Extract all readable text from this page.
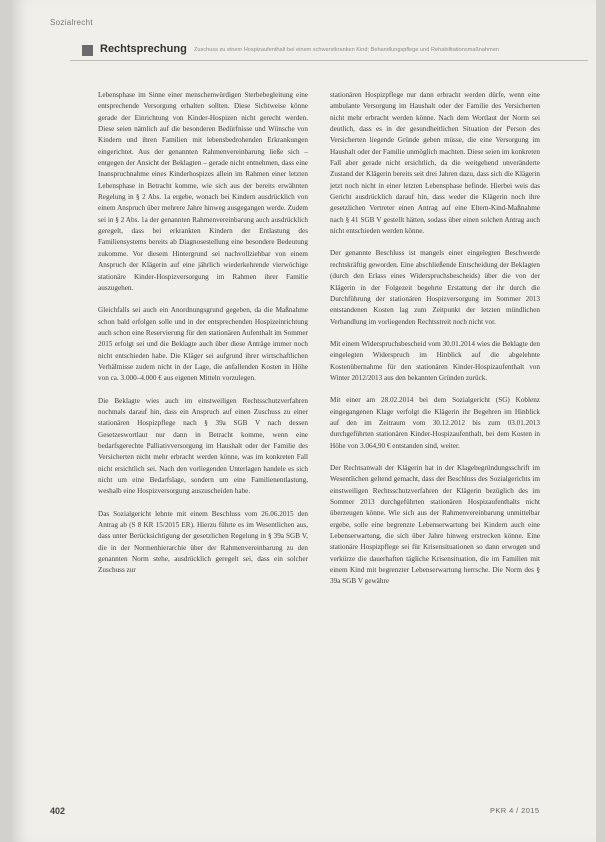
Sozialrecht
Rechtsprechung Zuschuss zu einem Hospizaufenthalt bei einem schwerstkranken Kind; Behandlungspflege und Rehabilitationsmaßnahmen

Lebensphase im Sinne einer menschenwürdigen Sterbebegleitung eine entsprechende Versorgung erhalten sollten. Diese Sichtweise könne gerade der Einrichtung von Kinder-Hospizen nicht gerecht werden. Diese seien nämlich auf die besonderen Bedürfnisse und Wünsche von Kindern und ihren Familien mit lebensbedrohenden Erkrankungen eingerichtet. Aus der genannten Rahmenvereinbarung ließe sich – entgegen der Ansicht der Beklagten – gerade nicht entnehmen, dass eine Inanspruchnahme eines Kinderhospizes allein im Rahmen einer letzten Lebensphase in Betracht komme, wie sich aus der bereits erwähnten Regelung in § 2 Abs. 1a ergebe, wonach bei Kindern ausdrücklich von einem Anspruch über mehrere Jahre hinweg ausgegangen werde. Zudem sei in § 2 Abs. 1a der genannten Rahmenvereinbarung auch ausdrücklich geregelt, dass bei erkrankten Kindern der Entlastung des Familiensystems bereits ab Diagnosestellung eine besondere Bedeutung zukomme. Vor diesem Hintergrund sei nachvollziehbar von einem Anspruch der Klägerin auf eine jährlich wiederkehrende vierwöchige stationäre Kinder-Hospizversorgung im Rahmen ihrer Familie auszugehen.

Gleichfalls sei auch ein Anordnungsgrund gegeben, da die Maßnahme schon bald erfolgen solle und in der entsprechenden Hospizeinrichtung auch schon eine Reservierung für den stationären Aufenthalt im Sommer 2015 erfolgt sei und die Beklagte auch über diese Anträge immer noch nicht entschieden habe. Die Kläger sei aufgrund ihrer wirtschaftlichen Verhältnisse zudem nicht in der Lage, die anfallenden Kosten in Höhe von ca. 3.000–4.000 € aus eigenen Mitteln vorzulegen.

Die Beklagte wies auch im einstweiligen Rechtsschutzverfahren nochmals darauf hin, dass ein Anspruch auf einen Zuschuss zu einer stationären Hospizpflege nach § 39a SGB V nach dessen Gesetzeswortlaut nur dann in Betracht komme, wenn eine bedarfsgerechte Palliativversorgung im Haushalt oder der Familie des Versicherten nicht mehr erbracht werden könne, was im konkreten Fall nicht ersichtlich sei. Nach den vorliegenden Unterlagen handele es sich nicht um eine Bedarfslage, sondern um eine Familienentlastung, weshalb eine Hospizversorgung auszuscheiden habe.

Das Sozialgericht lehnte mit einem Beschluss vom 26.06.2015 den Antrag ab (S 8 KR 15/2015 ER). Hierzu führte es im Wesentlichen aus, dass unter Berücksichtigung der gesetzlichen Regelung in § 39a SGB V, die in der Normenhierarchie über der Rahmenvereinbarung zu den genannten Norm stehe, ausdrücklich geregelt sei, dass ein solcher Zuschuss zur

stationären Hospizpflege nur dann erbracht werden dürfe, wenn eine ambulante Versorgung im Haushalt oder der Familie des Versicherten nicht mehr erbracht werden könne. Nach dem Wortlaut der Norm sei deutlich, dass es in der gesundheitlichen Situation der Person des Versicherten liegende Gründe geben müsse, die eine Versorgung im Haushalt oder der Familie unmöglich machten. Diese seien im konkreten Fall aber gerade nicht ersichtlich, da die weitgehend unveränderte Zustand der Klägerin bereits seit drei Jahren dazu, dass sich die Klägerin jetzt noch nicht in einer letzten Lebensphase befinde. Hierbei weis das Gericht ausdrücklich darauf hin, dass weder die Klägerin noch ihre gesetzlichen Vertreter einen Antrag auf eine Eltern-Kind-Maßnahme nach § 41 SGB V gestellt hätten, sodass über einen solchen Antrag auch nicht entschieden werden könne.

Der genannte Beschluss ist mangels einer eingelegten Beschwerde rechtskräftig geworden. Eine abschließende Entscheidung der Beklagten (durch den Erlass eines Widerspruchsbescheids) über die von der Klägerin in der Folgezeit begehrte Erstattung der ihr durch die Durchführung der stationären Hospizversorgung im Sommer 2013 entstandenen Kosten lag zum Zeitpunkt der letzten mündlichen Verhandlung im vorliegenden Rechtsstreit noch nicht vor.

Mit einem Widerspruchsbescheid vom 30.01.2014 wies die Beklagte den eingelegten Widerspruch im Hinblick auf die abgelehnte Kostenübernahme für den stationären Kinder-Hospizaufenthalt von Winter 2012/2013 aus den bekannten Gründen zurück.

Mit einer am 28.02.2014 bei dem Sozialgericht (SG) Koblenz eingegangenen Klage verfolgt die Klägerin ihr Begehren im Hinblick auf den im Zeitraum vom 30.12.2012 bis zum 03.01.2013 durchgeführten stationären Kinder-Hospizaufenthalt, bei dem Kosten in Höhe von 3.064,90 € entstanden sind, weiter.

Der Rechtsanwalt der Klägerin hat in der Klagebegründungsschrift im Wesentlichen geltend gemacht, dass der Beschluss des Sozialgerichts im einstweiligen Rechtsschutzverfahren der Klägerin bezüglich des im Sommer 2013 durchgeführten stationären Hospizaufenthalts nicht überzeugen könne. Wie sich aus der Rahmenvereinbarung unmittelbar ergebe, solle eine begrenzte Lebenserwartung bei Kindern auch eine Lebenserwartung, die sich über Jahre hinweg erstrecken könne. Eine stationäre Hospizpflege sei für Krisensituationen so dann erwogen und verkürze die dauerhaften tägliche Krisensituation, die im Familien mit einem Kind mit begrenzter Lebenserwartung herrsche. Die Norm des § 39a SGB V gewähre

402	PKR 4 / 2015
